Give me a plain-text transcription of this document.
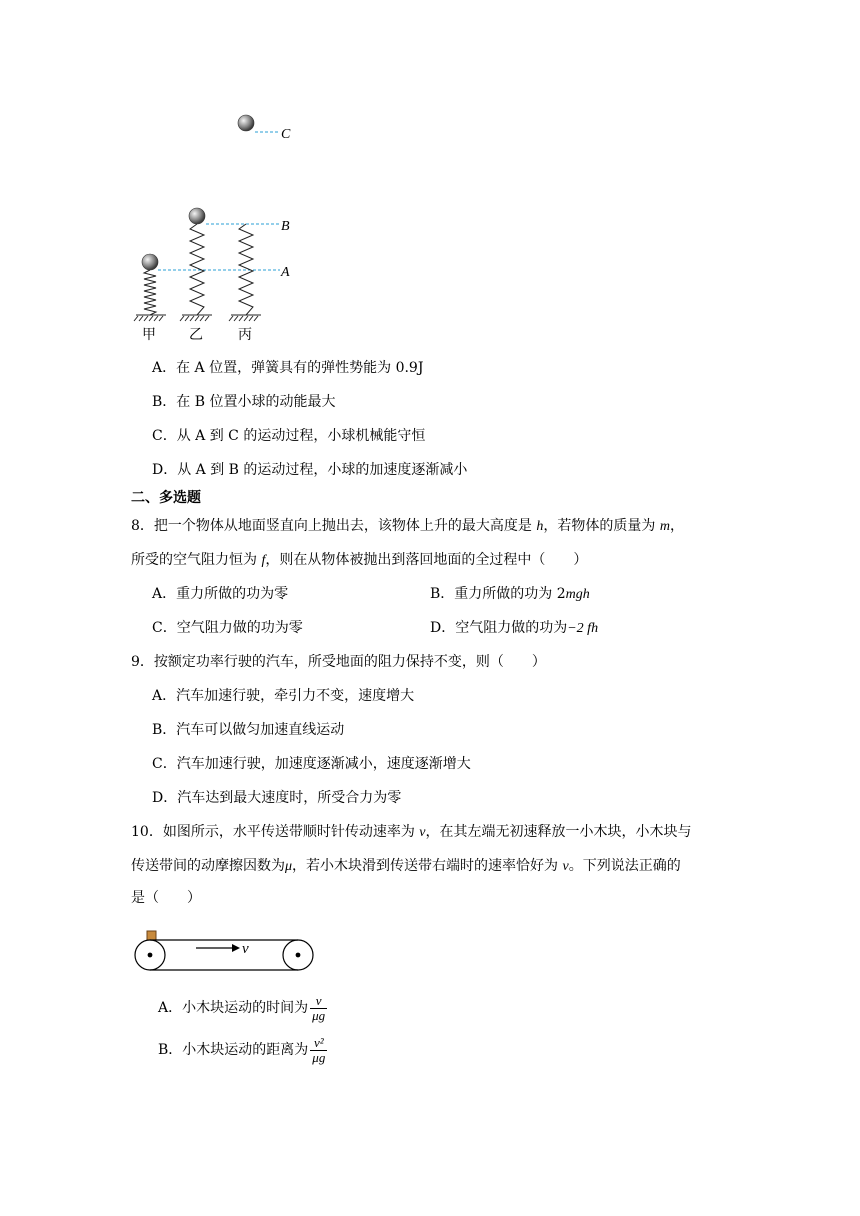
C
B
A
甲 乙	丙
A．在 A 位置，弹簧具有的弹性势能为 0.9J
B．在 B 位置小球的动能最大
C．从 A 到 C 的运动过程，小球机械能守恒
D．从 A 到 B 的运动过程，小球的加速度逐渐减小
二、多选题
8．把一个物体从地面竖直向上抛出去，该物体上升的最大高度是 h，若物体的质量为 m，
所受的空气阻力恒为 f，则在从物体被抛出到落回地面的全过程中（　　）
A．重力所做的功为零	B．重力所做的功为 2mgh
C．空气阻力做的功为零	D．空气阻力做的功为−2 fh
9．按额定功率行驶的汽车，所受地面的阻力保持不变，则（　　）
A．汽车加速行驶，牵引力不变，速度增大
B．汽车可以做匀加速直线运动
C．汽车加速行驶，加速度逐渐减小，速度逐渐增大
D．汽车达到最大速度时，所受合力为零
10．如图所示，水平传送带顺时针传动速率为 v，在其左端无初速释放一小木块，小木块与
传送带间的动摩擦因数为μ，若小木块滑到传送带右端时的速率恰好为 v。下列说法正确的
是（　　）
v
A．小木块运动的时间为 $\frac{v}{\mu g}$
B．小木块运动的距离为 $\frac{\text{v²}}{\mu g}$
